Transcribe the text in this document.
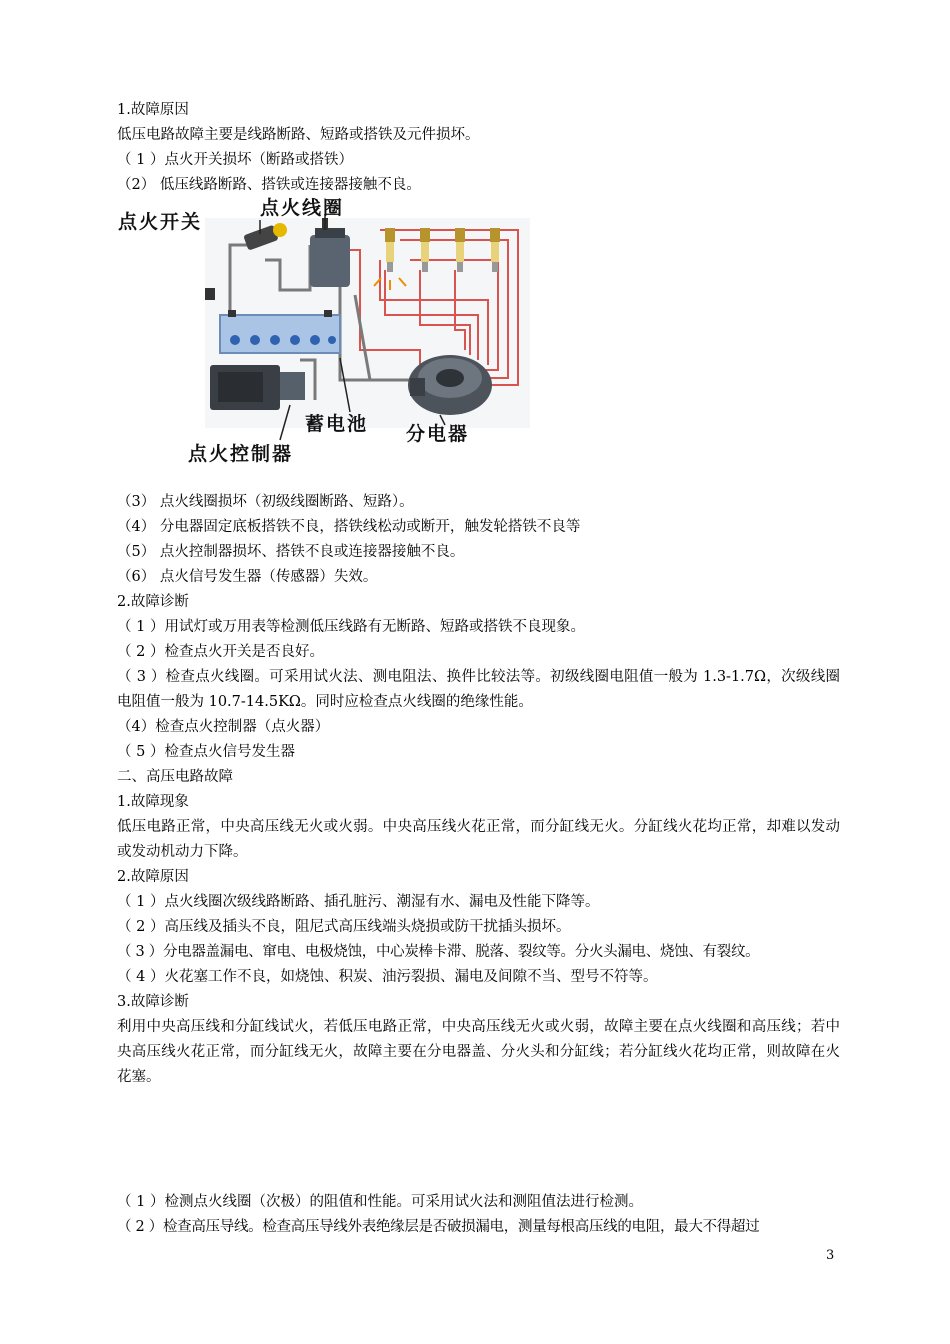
1.故障原因
低压电路故障主要是线路断路、短路或搭铁及元件损坏。
（ 1 ）点火开关损坏（断路或搭铁）
（2） 低压线路断路、搭铁或连接器接触不良。
点火开关
点火线圈
蓄电池 分电器
点火控制器
（3） 点火线圈损坏（初级线圈断路、短路）。
（4） 分电器固定底板搭铁不良，搭铁线松动或断开，触发轮搭铁不良等
（5） 点火控制器损坏、搭铁不良或连接器接触不良。
（6） 点火信号发生器（传感器）失效。
2.故障诊断
（ 1 ）用试灯或万用表等检测低压线路有无断路、短路或搭铁不良现象。
（ 2 ）检查点火开关是否良好。
（ 3 ）检查点火线圈。可采用试火法、测电阻法、换件比较法等。初级线圈电阻值一般为 1.3-1.7Ω，次级线圈电阻值一般为 10.7-14.5KΩ。同时应检查点火线圈的绝缘性能。
（4）检查点火控制器（点火器）
（ 5 ）检查点火信号发生器
二、高压电路故障
1.故障现象
低压电路正常，中央高压线无火或火弱。中央高压线火花正常，而分缸线无火。分缸线火花均正常，却难以发动或发动机动力下降。
2.故障原因
（ 1 ）点火线圈次级线路断路、插孔脏污、潮湿有水、漏电及性能下降等。
（ 2 ）高压线及插头不良，阻尼式高压线端头烧损或防干扰插头损坏。
（ 3 ）分电器盖漏电、窜电、电极烧蚀，中心炭棒卡滞、脱落、裂纹等。分火头漏电、烧蚀、有裂纹。
（ 4 ）火花塞工作不良，如烧蚀、积炭、油污裂损、漏电及间隙不当、型号不符等。
3.故障诊断
利用中央高压线和分缸线试火，若低压电路正常，中央高压线无火或火弱，故障主要在点火线圈和高压线；若中央高压线火花正常，而分缸线无火，故障主要在分电器盖、分火头和分缸线；若分缸线火花均正常，则故障在火花塞。
（ 1 ）检测点火线圈（次极）的阻值和性能。可采用试火法和测阻值法进行检测。
（ 2 ）检查高压导线。检查高压导线外表绝缘层是否破损漏电，测量每根高压线的电阻，最大不得超过
3
